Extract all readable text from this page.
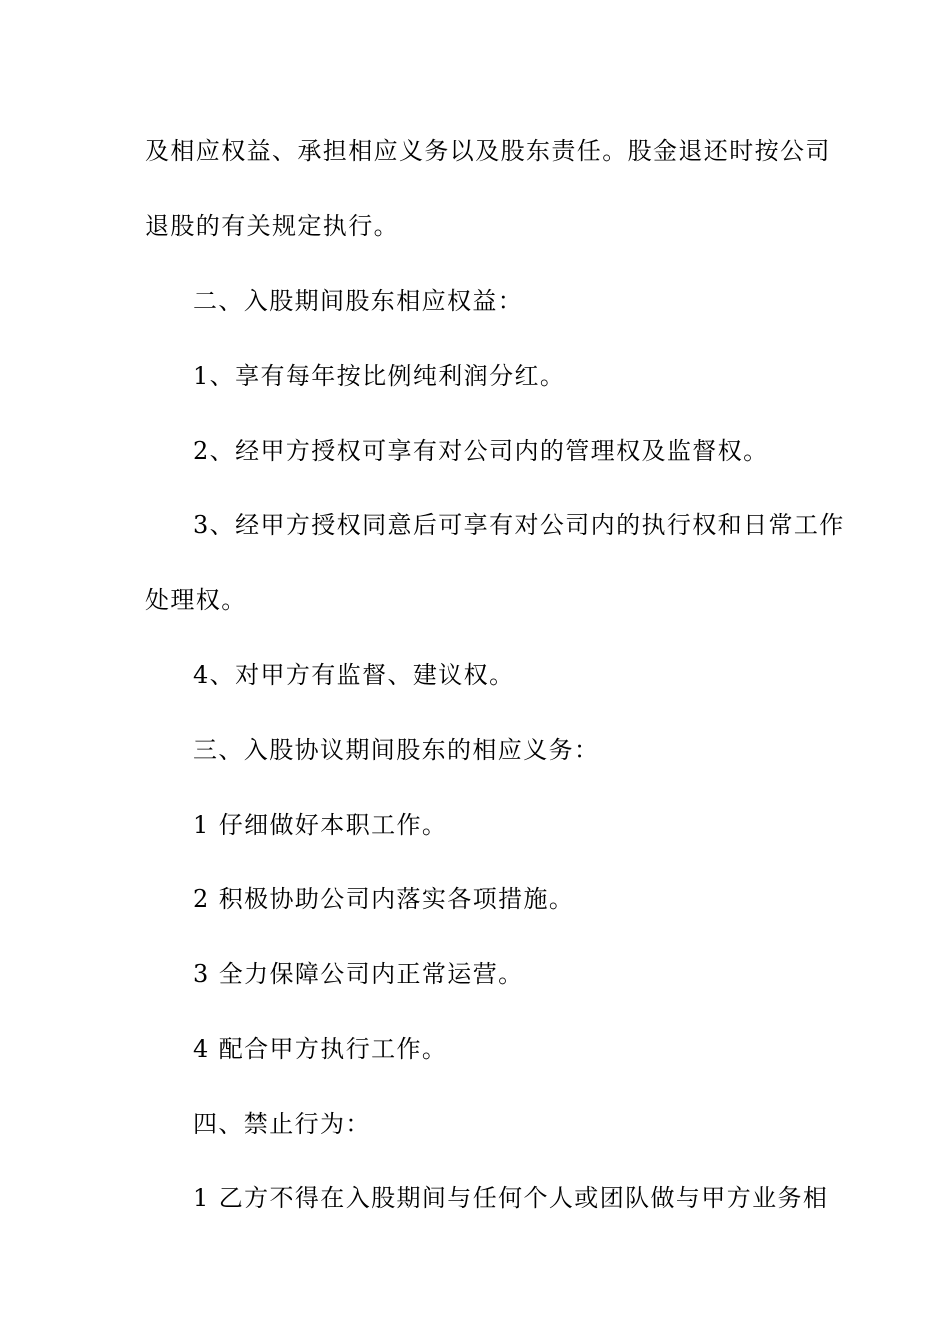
及相应权益、承担相应义务以及股东责任。股金退还时按公司
退股的有关规定执行。
二、入股期间股东相应权益：
1、享有每年按比例纯利润分红。
2、经甲方授权可享有对公司内的管理权及监督权。
3、经甲方授权同意后可享有对公司内的执行权和日常工作
处理权。
4、对甲方有监督、建议权。
三、入股协议期间股东的相应义务：
1 仔细做好本职工作。
2 积极协助公司内落实各项措施。
3 全力保障公司内正常运营。
4 配合甲方执行工作。
四、禁止行为：
1 乙方不得在入股期间与任何个人或团队做与甲方业务相
